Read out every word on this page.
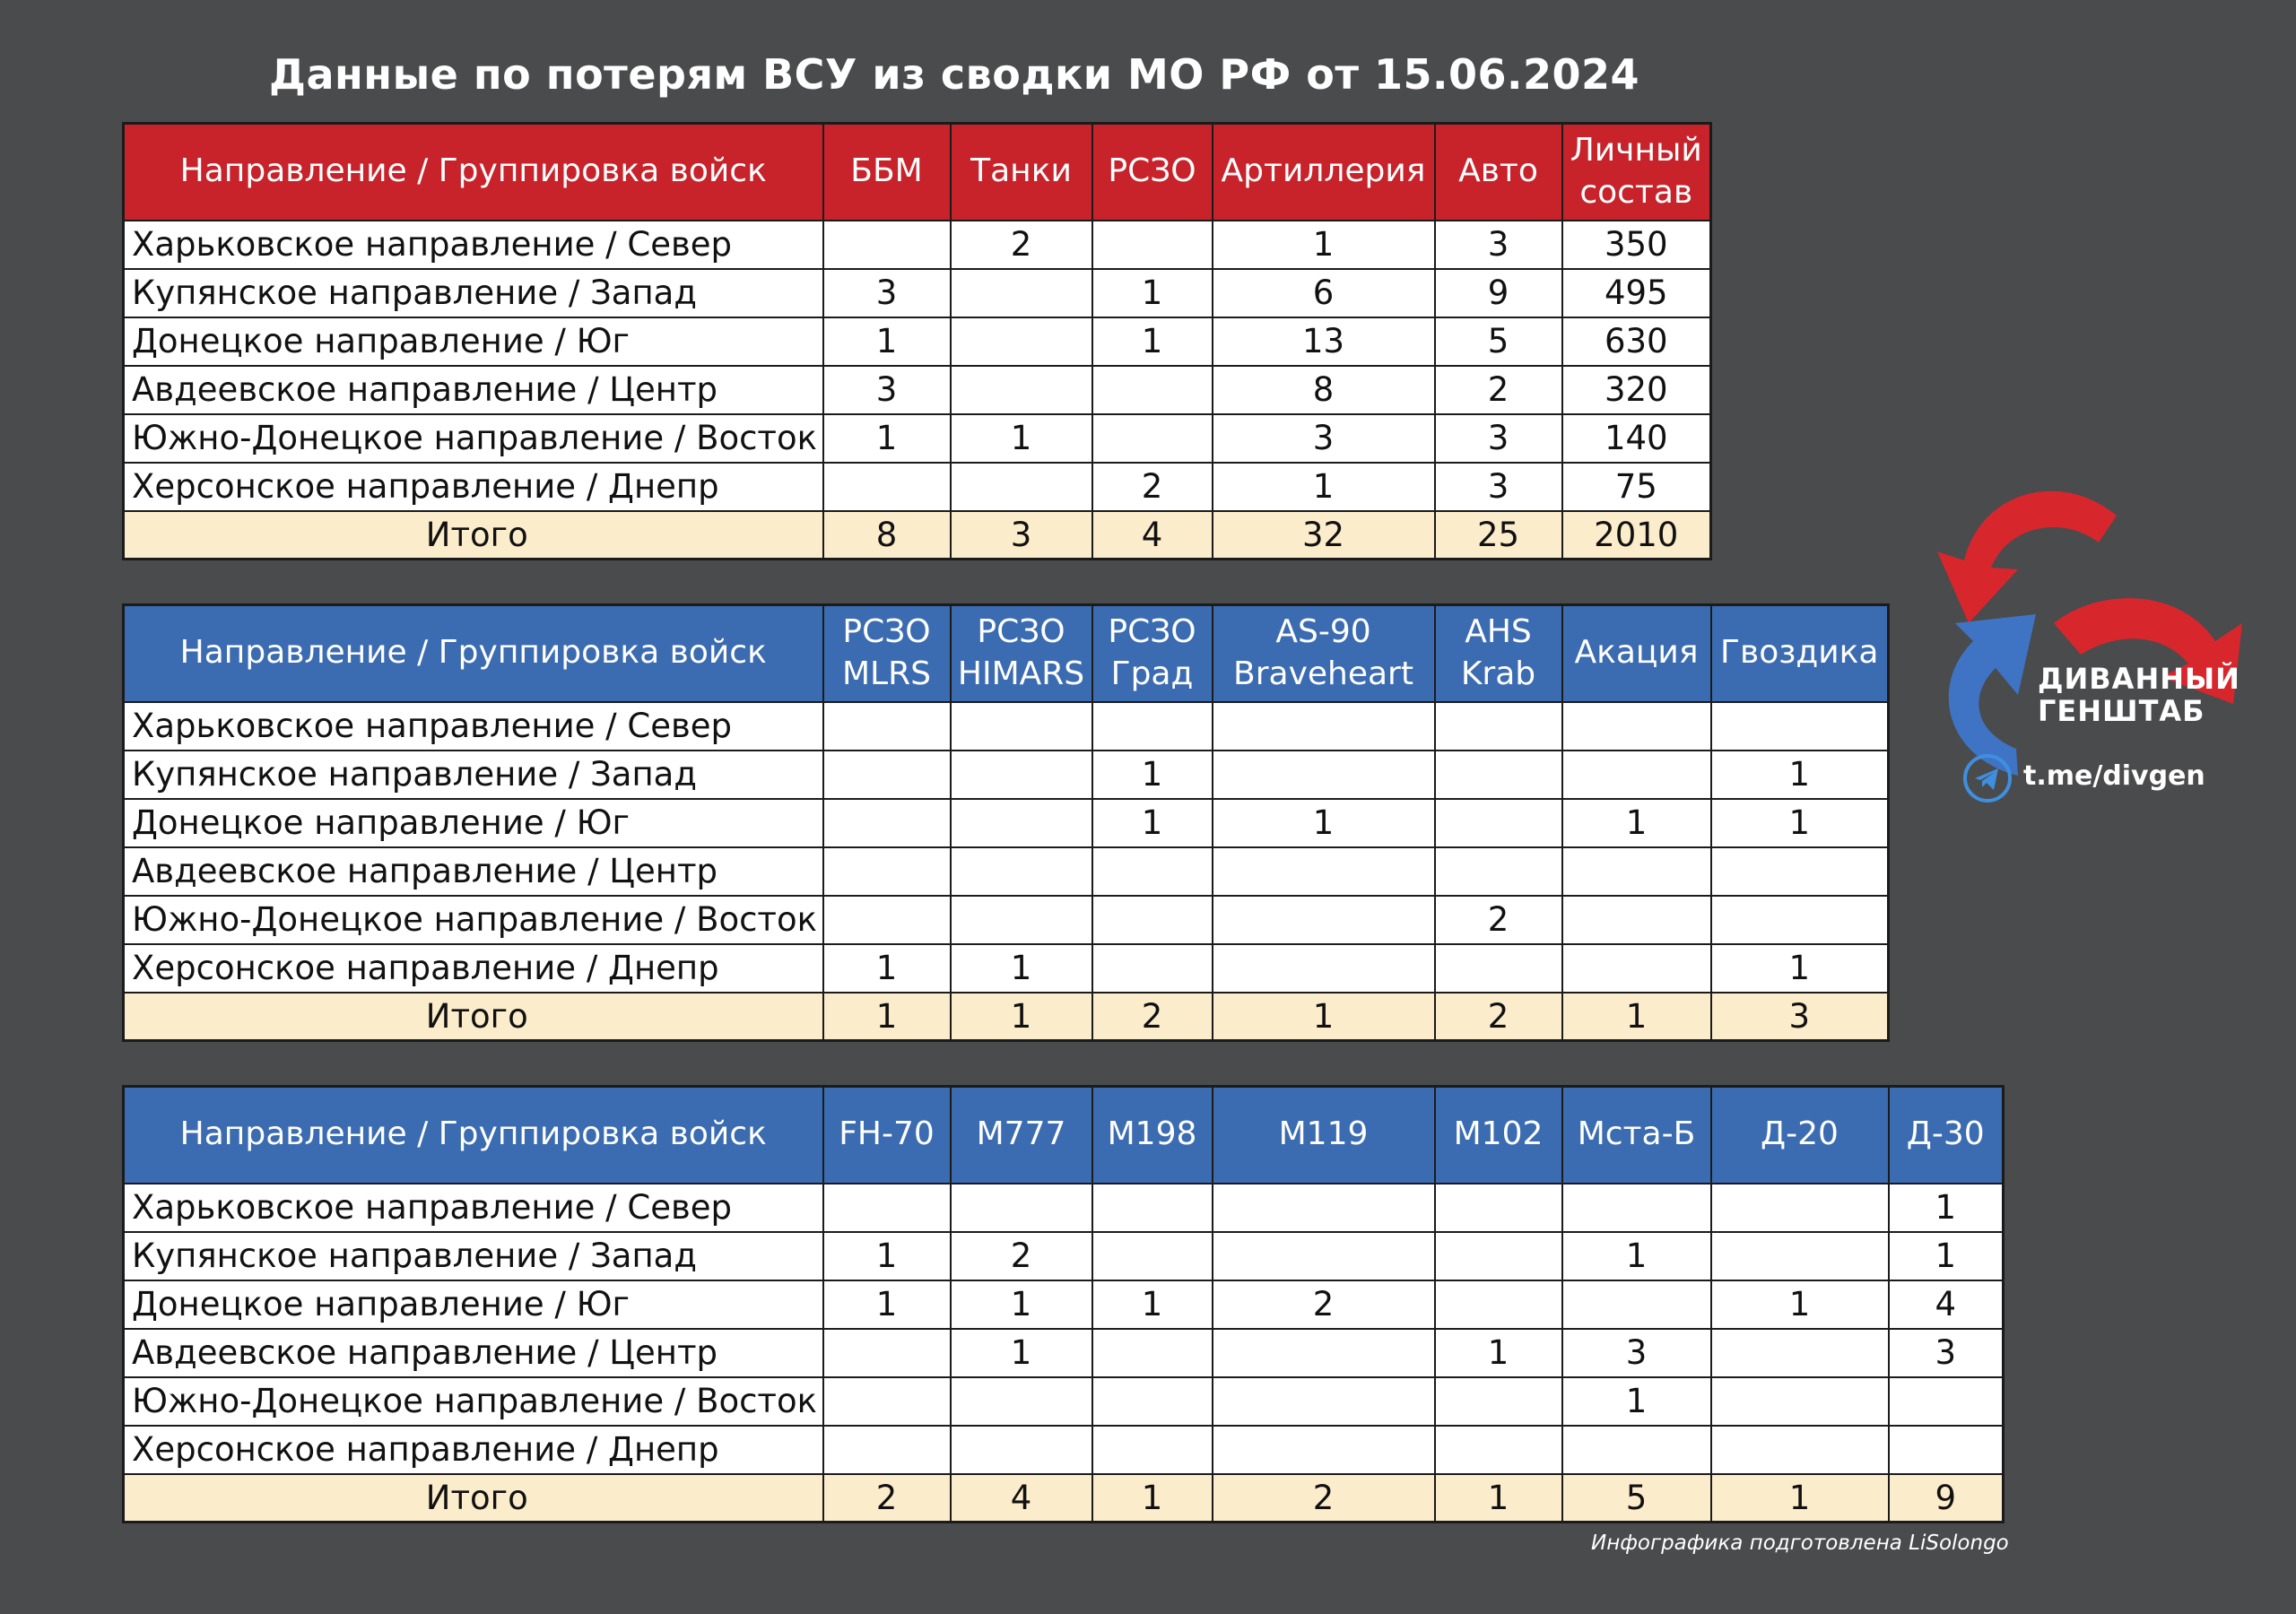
Данные по потерям ВСУ из сводки МО РФ от 15.06.2024
Направление / Группировка войск	ББМ	Танки	РСЗО	Артиллерия	Авто	Личный состав
Харьковское направление / Север		2		1	3	350
Купянское направление / Запад	3		1	6	9	495
Донецкое направление / Юг	1		1	13	5	630
Авдеевское направление / Центр	3			8	2	320
Южно-Донецкое направление / Восток	1	1		3	3	140
Херсонское направление / Днепр			2	1	3	75
Итого	8	3	4	32	25	2010
Направление / Группировка войск	РСЗО MLRS	РСЗО HIMARS	РСЗО Град	AS-90 Braveheart	AHS Krab	Акация	Гвоздика
Харьковское направление / Север							
Купянское направление / Запад			1				1
Донецкое направление / Юг			1	1		1	1
Авдеевское направление / Центр							
Южно-Донецкое направление / Восток					2		
Херсонское направление / Днепр	1	1					1
Итого	1	1	2	1	2	1	3
Направление / Группировка войск	FH-70	M777	M198	M119	M102	Мста-Б	Д-20	Д-30
Харьковское направление / Север								1
Купянское направление / Запад	1	2				1		1
Донецкое направление / Юг	1	1	1	2			1	4
Авдеевское направление / Центр		1			1	3		3
Южно-Донецкое направление / Восток						1		
Херсонское направление / Днепр								
Итого	2	4	1	2	1	5	1	9
ДИВАННЫЙ
ГЕНШТАБ
t.me/divgen
Инфографика подготовлена LiSolongo
